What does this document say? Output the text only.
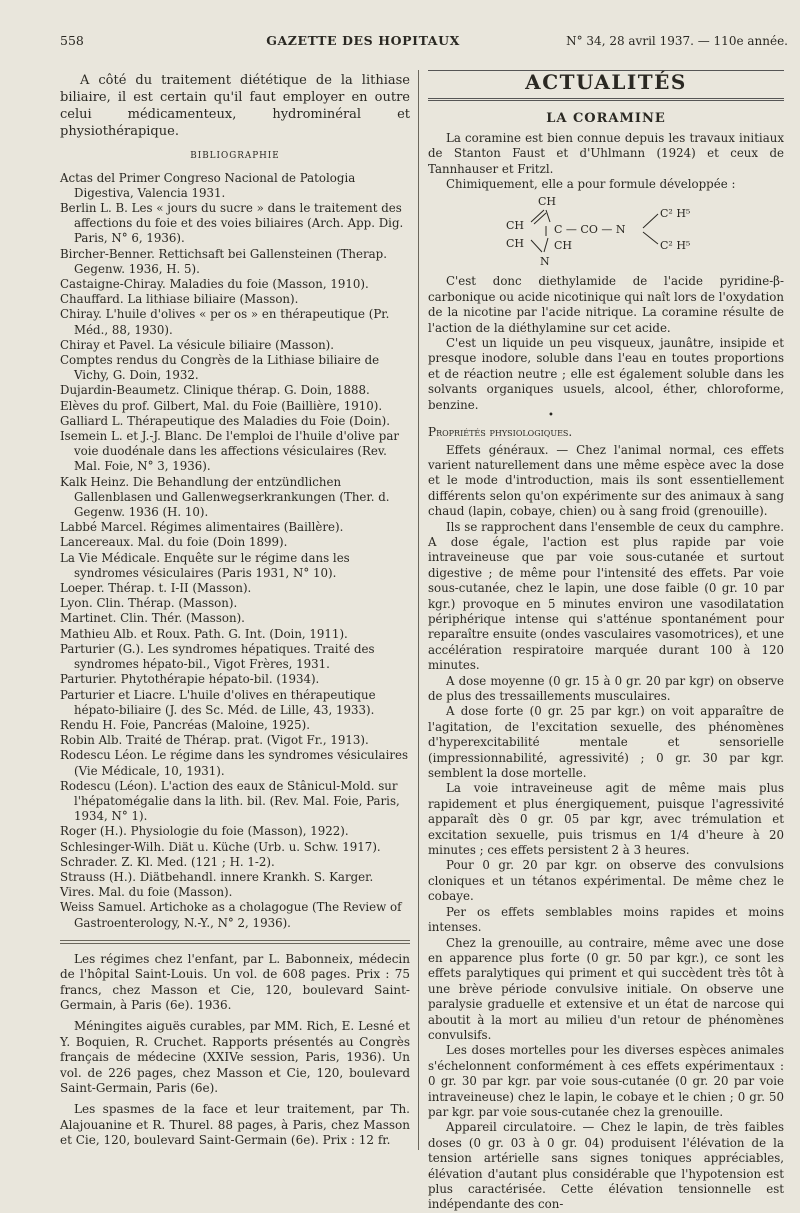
558	GAZETTE DES HOPITAUX	N° 34, 28 avril 1937. — 110e année.

A côté du traitement diététique de la lithiase biliaire, il est certain qu'il faut employer en outre celui médicamenteux, hydrominéral et physiothérapique.

BIBLIOGRAPHIE
Actas del Primer Congreso Nacional de Patologia Digestiva, Valencia 1931.
Berlin L. B. Les « jours du sucre » dans le traitement des affections du foie et des voies biliaires (Arch. App. Dig. Paris, N° 6, 1936).
Bircher-Benner. Rettichsaft bei Gallensteinen (Therap. Gegenw. 1936, H. 5).
Castaigne-Chiray. Maladies du foie (Masson, 1910).
Chauffard. La lithiase biliaire (Masson).
Chiray. L'huile d'olives « per os » en thérapeutique (Pr. Méd., 88, 1930).
Chiray et Pavel. La vésicule biliaire (Masson).
Comptes rendus du Congrès de la Lithiase biliaire de Vichy, G. Doin, 1932.
Dujardin-Beaumetz. Clinique thérap. G. Doin, 1888.
Elèves du prof. Gilbert, Mal. du Foie (Baillière, 1910).
Galliard L. Thérapeutique des Maladies du Foie (Doin).
Isemein L. et J.-J. Blanc. De l'emploi de l'huile d'olive par voie duodénale dans les affections vésiculaires (Rev. Mal. Foie, N° 3, 1936).
Kalk Heinz. Die Behandlung der entzündlichen Gallenblasen und Gallenwegserkrankungen (Ther. d. Gegenw. 1936 (H. 10).
Labbé Marcel. Régimes alimentaires (Baillère).
Lancereaux. Mal. du foie (Doin 1899).
La Vie Médicale. Enquête sur le régime dans les syndromes vésiculaires (Paris 1931, N° 10).
Loeper. Thérap. t. I-II (Masson).
Lyon. Clin. Thérap. (Masson).
Martinet. Clin. Thér. (Masson).
Mathieu Alb. et Roux. Path. G. Int. (Doin, 1911).
Parturier (G.). Les syndromes hépatiques. Traité des syndromes hépato-bil., Vigot Frères, 1931.
Parturier. Phytothérapie hépato-bil. (1934).
Parturier et Liacre. L'huile d'olives en thérapeutique hépato-biliaire (J. des Sc. Méd. de Lille, 43, 1933).
Rendu H. Foie, Pancréas (Maloine, 1925).
Robin Alb. Traité de Thérap. prat. (Vigot Fr., 1913).
Rodescu Léon. Le régime dans les syndromes vésiculaires (Vie Médicale, 10, 1931).
Rodescu (Léon). L'action des eaux de Stânicul-Mold. sur l'hépatomégalie dans la lith. bil. (Rev. Mal. Foie, Paris, 1934, N° 1).
Roger (H.). Physiologie du foie (Masson), 1922).
Schlesinger-Wilh. Diät u. Küche (Urb. u. Schw. 1917).
Schrader. Z. Kl. Med. (121 ; H. 1-2).
Strauss (H.). Diätbehandl. innere Krankh. S. Karger.
Vires. Mal. du foie (Masson).
Weiss Samuel. Artichoke as a cholagogue (The Review of Gastroenterology, N.-Y., N° 2, 1936).

Les régimes chez l'enfant, par L. Babonneix, médecin de l'hôpital Saint-Louis. Un vol. de 608 pages. Prix : 75 francs, chez Masson et Cie, 120, boulevard Saint-Germain, à Paris (6e). 1936.

Méningites aiguës curables, par MM. Rich, E. Lesné et Y. Boquien, R. Cruchet. Rapports présentés au Congrès français de médecine (XXIVe session, Paris, 1936). Un vol. de 226 pages, chez Masson et Cie, 120, boulevard Saint-Germain, Paris (6e).

Les spasmes de la face et leur traitement, par Th. Alajouanine et R. Thurel. 88 pages, à Paris, chez Masson et Cie, 120, boulevard Saint-Germain (6e). Prix : 12 fr.

ACTUALITÉS
LA CORAMINE

La coramine est bien connue depuis les travaux initiaux de Stanton Faust et d'Uhlmann (1924) et ceux de Tannhauser et Fritzl.

Chimiquement, elle a pour formule développée :

CH
CH
CH
C — CO — N
CH
N
C² H⁵
C² H⁵

C'est donc diethylamide de l'acide pyridine-β-carbonique ou acide nicotinique qui naît lors de l'oxydation de la nicotine par l'acide nitrique. La coramine résulte de l'action de la diéthylamine sur cet acide.

C'est un liquide un peu visqueux, jaunâtre, insipide et presque inodore, soluble dans l'eau en toutes proportions et de réaction neutre ; elle est également soluble dans les solvants organiques usuels, alcool, éther, chloroforme, benzine.

•
Propriétés physiologiques.

Effets généraux. — Chez l'animal normal, ces effets varient naturellement dans une même espèce avec la dose et le mode d'introduction, mais ils sont essentiellement différents selon qu'on expérimente sur des animaux à sang chaud (lapin, cobaye, chien) ou à sang froid (grenouille).

Ils se rapprochent dans l'ensemble de ceux du camphre. A dose égale, l'action est plus rapide par voie intraveineuse que par voie sous-cutanée et surtout digestive ; de même pour l'intensité des effets. Par voie sous-cutanée, chez le lapin, une dose faible (0 gr. 10 par kgr.) provoque en 5 minutes environ une vasodilatation périphérique intense qui s'atténue spontanément pour reparaître ensuite (ondes vasculaires vasomotrices), et une accélération respiratoire marquée durant 100 à 120 minutes.

A dose moyenne (0 gr. 15 à 0 gr. 20 par kgr) on observe de plus des tressaillements musculaires.

A dose forte (0 gr. 25 par kgr.) on voit apparaître de l'agitation, de l'excitation sexuelle, des phénomènes d'hyperexcitabilité mentale et sensorielle (impressionnabilité, agressivité) ; 0 gr. 30 par kgr. semblent la dose mortelle.

La voie intraveineuse agit de même mais plus rapidement et plus énergiquement, puisque l'agressivité apparaît dès 0 gr. 05 par kgr, avec trémulation et excitation sexuelle, puis trismus en 1/4 d'heure à 20 minutes ; ces effets persistent 2 à 3 heures.

Pour 0 gr. 20 par kgr. on observe des convulsions cloniques et un tétanos expérimental. De même chez le cobaye.

Per os effets semblables moins rapides et moins intenses.

Chez la grenouille, au contraire, même avec une dose en apparence plus forte (0 gr. 50 par kgr.), ce sont les effets paralytiques qui priment et qui succèdent très tôt à une brève période convulsive initiale. On observe une paralysie graduelle et extensive et un état de narcose qui aboutit à la mort au milieu d'un retour de phénomènes convulsifs.

Les doses mortelles pour les diverses espèces animales s'échelonnent conformément à ces effets expérimentaux : 0 gr. 30 par kgr. par voie sous-cutanée (0 gr. 20 par voie intraveineuse) chez le lapin, le cobaye et le chien ; 0 gr. 50 par kgr. par voie sous-cutanée chez la grenouille.

Appareil circulatoire. — Chez le lapin, de très faibles doses (0 gr. 03 à 0 gr. 04) produisent l'élévation de la tension artérielle sans signes toniques appréciables, élévation d'autant plus considérable que l'hypotension est plus caractérisée. Cette élévation tensionnelle est indépendante des con-
